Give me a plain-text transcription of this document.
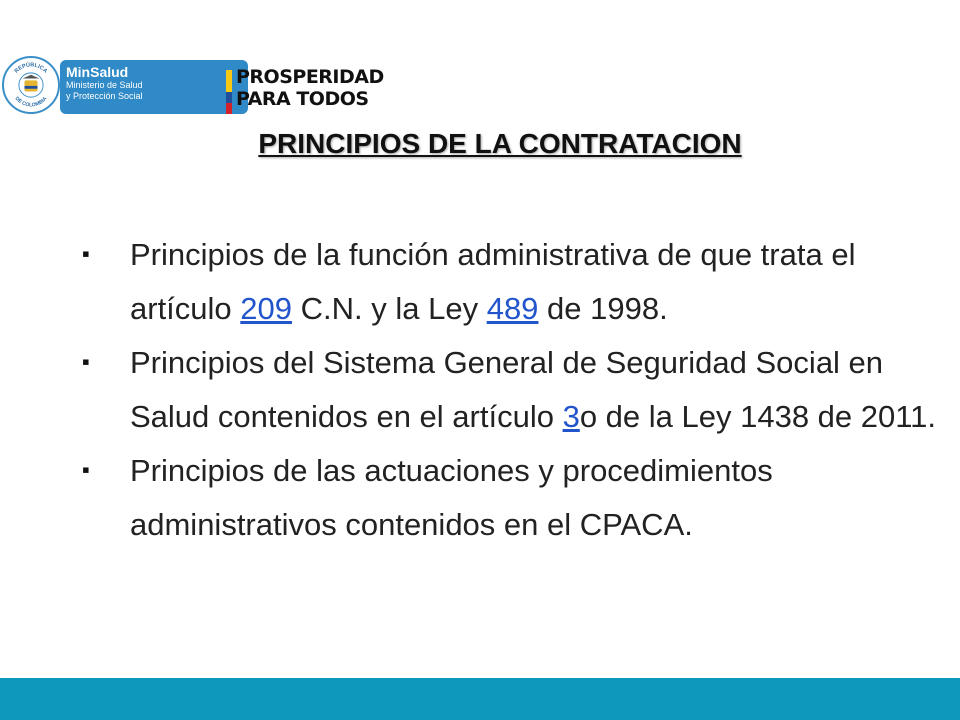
REPÚBLICA
DE COLOMBIA
MinSalud
Ministerio de Salud
y Protección Social
PROSPERIDAD
PARA TODOS
PRINCIPIOS DE LA CONTRATACION
▪ Principios de la función administrativa de que trata el artículo 209 C.N. y la Ley 489 de 1998.
▪ Principios del Sistema General de Seguridad Social en Salud contenidos en el artículo 3o de la Ley 1438 de 2011.
▪ Principios de las actuaciones y procedimientos administrativos contenidos en el CPACA.
